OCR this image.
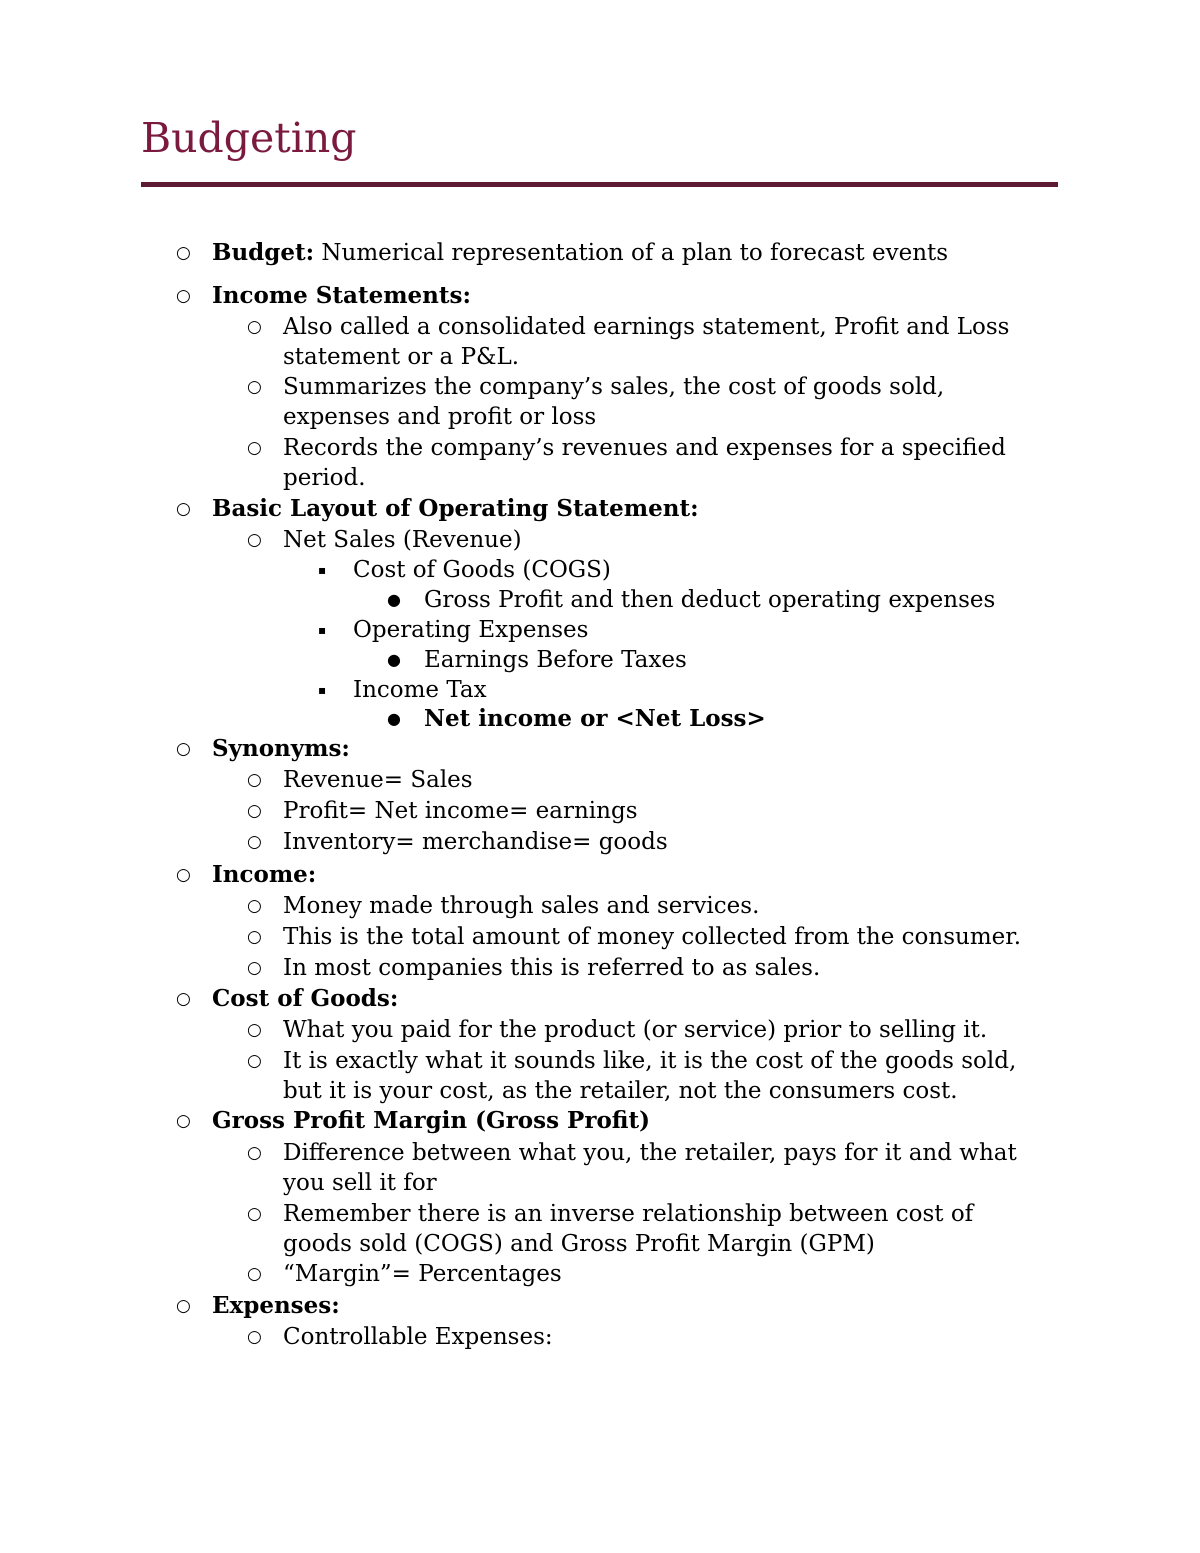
Budgeting
○ Budget: Numerical representation of a plan to forecast events
○ Income Statements:
○ Also called a consolidated earnings statement, Profit and Loss
statement or a P&L.
○ Summarizes the company’s sales, the cost of goods sold,
expenses and profit or loss
○ Records the company’s revenues and expenses for a specified
period.
○ Basic Layout of Operating Statement:
○ Net Sales (Revenue)
▪ Cost of Goods (COGS)
● Gross Profit and then deduct operating expenses
▪ Operating Expenses
● Earnings Before Taxes
▪ Income Tax
● Net income or <Net Loss>
○ Synonyms:
○ Revenue= Sales
○ Profit= Net income= earnings
○ Inventory= merchandise= goods
○ Income:
○ Money made through sales and services.
○ This is the total amount of money collected from the consumer.
○ In most companies this is referred to as sales.
○ Cost of Goods:
○ What you paid for the product (or service) prior to selling it.
○ It is exactly what it sounds like, it is the cost of the goods sold,
but it is your cost, as the retailer, not the consumers cost.
○ Gross Profit Margin (Gross Profit)
○ Difference between what you, the retailer, pays for it and what
you sell it for
○ Remember there is an inverse relationship between cost of
goods sold (COGS) and Gross Profit Margin (GPM)
○ “Margin”= Percentages
○ Expenses:
○ Controllable Expenses:
